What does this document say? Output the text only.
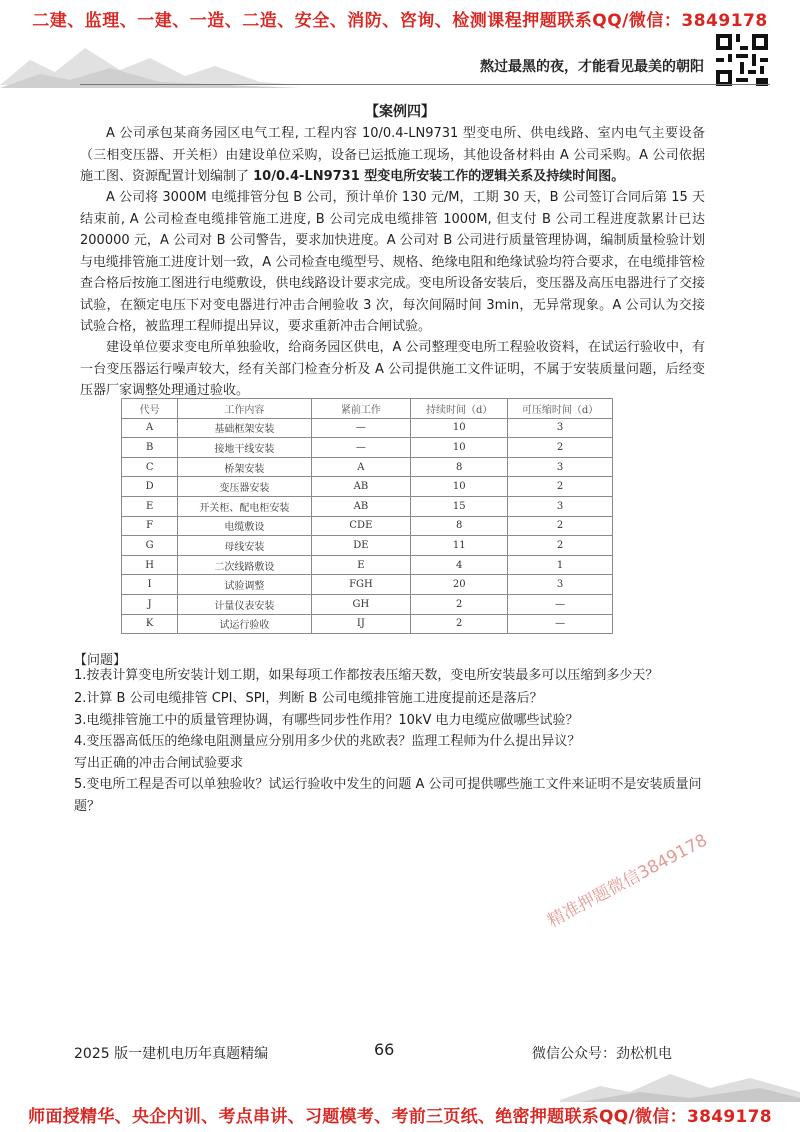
二建、监理、一建、一造、二造、安全、消防、咨询、检测课程押题联系QQ/微信：3849178
熬过最黑的夜，才能看见最美的朝阳
【案例四】
A 公司承包某商务园区电气工程, 工程内容 10/0.4-LN9731 型变电所、供电线路、室内电气主要设备（三相变压器、开关柜）由建设单位采购，设备已运抵施工现场，其他设备材料由 A 公司采购。A 公司依据施工图、资源配置计划编制了 10/0.4-LN9731 型变电所安装工作的逻辑关系及持续时间图。
A 公司将 3000M 电缆排管分包 B 公司，预计单价 130 元/M，工期 30 天，B 公司签订合同后第 15 天结束前, A 公司检查电缆排管施工进度, B 公司完成电缆排管 1000M, 但支付 B 公司工程进度款累计已达 200000 元，A 公司对 B 公司警告，要求加快进度。A 公司对 B 公司进行质量管理协调，编制质量检验计划与电缆排管施工进度计划一致，A 公司检查电缆型号、规格、绝缘电阻和绝缘试验均符合要求，在电缆排管检查合格后按施工图进行电缆敷设，供电线路设计要求完成。变电所设备安装后，变压器及高压电器进行了交接试验，在额定电压下对变电器进行冲击合闸验收 3 次，每次间隔时间 3min，无异常现象。A 公司认为交接试验合格，被监理工程师提出异议，要求重新冲击合闸试验。
建设单位要求变电所单独验收，给商务园区供电，A 公司整理变电所工程验收资料，在试运行验收中，有一台变压器运行噪声较大，经有关部门检查分析及 A 公司提供施工文件证明，不属于安装质量问题，后经变压器厂家调整处理通过验收。
代号	工作内容	紧前工作	持续时间（d）	可压缩时间（d）
A	基础框架安装	—	10	3
B	接地干线安装	—	10	2
C	桥架安装	A	8	3
D	变压器安装	AB	10	2
E	开关柜、配电柜安装	AB	15	3
F	电缆敷设	CDE	8	2
G	母线安装	DE	11	2
H	二次线路敷设	E	4	1
I	试验调整	FGH	20	3
J	计量仪表安装	GH	2	—
K	试运行验收	IJ	2	—
【问题】
1.按表计算变电所安装计划工期，如果每项工作都按表压缩天数，变电所安装最多可以压缩到多少天？
2.计算 B 公司电缆排管 CPI、SPI，判断 B 公司电缆排管施工进度提前还是落后？
3.电缆排管施工中的质量管理协调，有哪些同步性作用？10kV 电力电缆应做哪些试验？
4.变压器高低压的绝缘电阻测量应分别用多少伏的兆欧表？监理工程师为什么提出异议？
写出正确的冲击合闸试验要求
5.变电所工程是否可以单独验收？试运行验收中发生的问题 A 公司可提供哪些施工文件来证明不是安装质量问题？
精准押题微信3849178
2025 版一建机电历年真题精编	66	微信公众号：劲松机电
师面授精华、央企内训、考点串讲、习题模考、考前三页纸、绝密押题联系QQ/微信：3849178
